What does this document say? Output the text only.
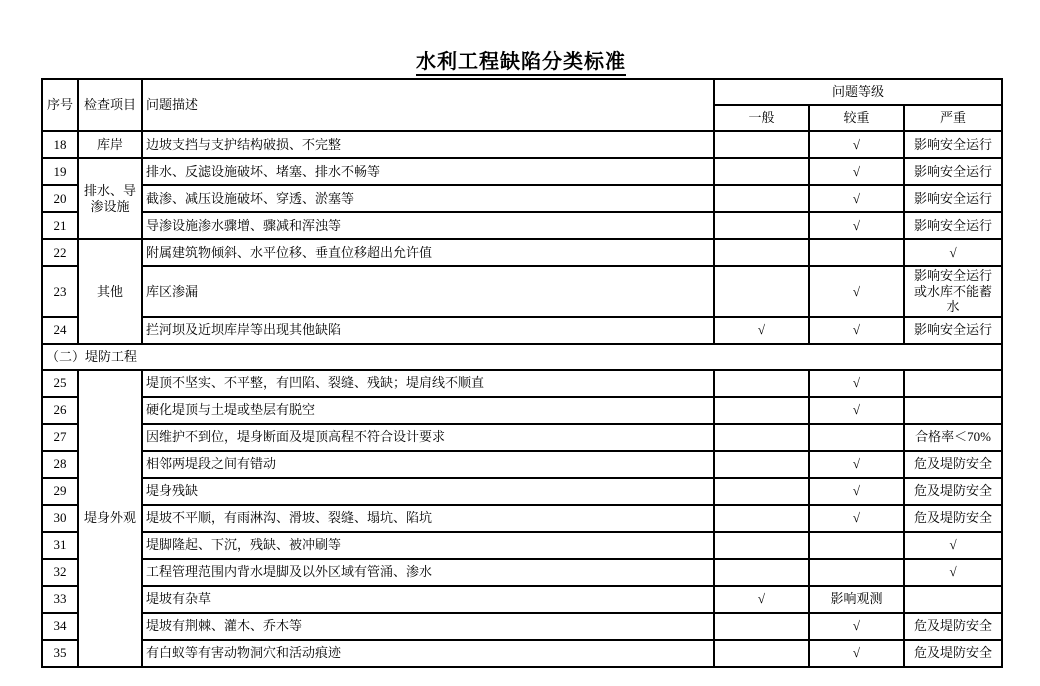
水利工程缺陷分类标准
序号	检查项目	问题描述	问题等级		
			一般	较重	严重
18	库岸	边坡支挡与支护结构破损、不完整		√	影响安全运行
19	排水、导渗设施	排水、反滤设施破坏、堵塞、排水不畅等		√	影响安全运行
20		截渗、减压设施破坏、穿透、淤塞等		√	影响安全运行
21		导渗设施渗水骤增、骤减和浑浊等		√	影响安全运行
22	其他	附属建筑物倾斜、水平位移、垂直位移超出允许值			√
23		库区渗漏		√	影响安全运行或水库不能蓄水
24		拦河坝及近坝库岸等出现其他缺陷	√	√	影响安全运行
（二）堤防工程					
25	堤身外观	堤顶不坚实、不平整，有凹陷、裂缝、残缺；堤肩线不顺直		√	
26		硬化堤顶与土堤或垫层有脱空		√	
27		因维护不到位，堤身断面及堤顶高程不符合设计要求			合格率＜70%
28		相邻两堤段之间有错动		√	危及堤防安全
29		堤身残缺		√	危及堤防安全
30		堤坡不平顺，有雨淋沟、滑坡、裂缝、塌坑、陷坑		√	危及堤防安全
31		堤脚隆起、下沉，残缺、被冲刷等			√
32		工程管理范围内背水堤脚及以外区域有管涌、渗水			√
33		堤坡有杂草	√	影响观测	
34		堤坡有荆棘、灌木、乔木等		√	危及堤防安全
35		有白蚁等有害动物洞穴和活动痕迹		√	危及堤防安全
